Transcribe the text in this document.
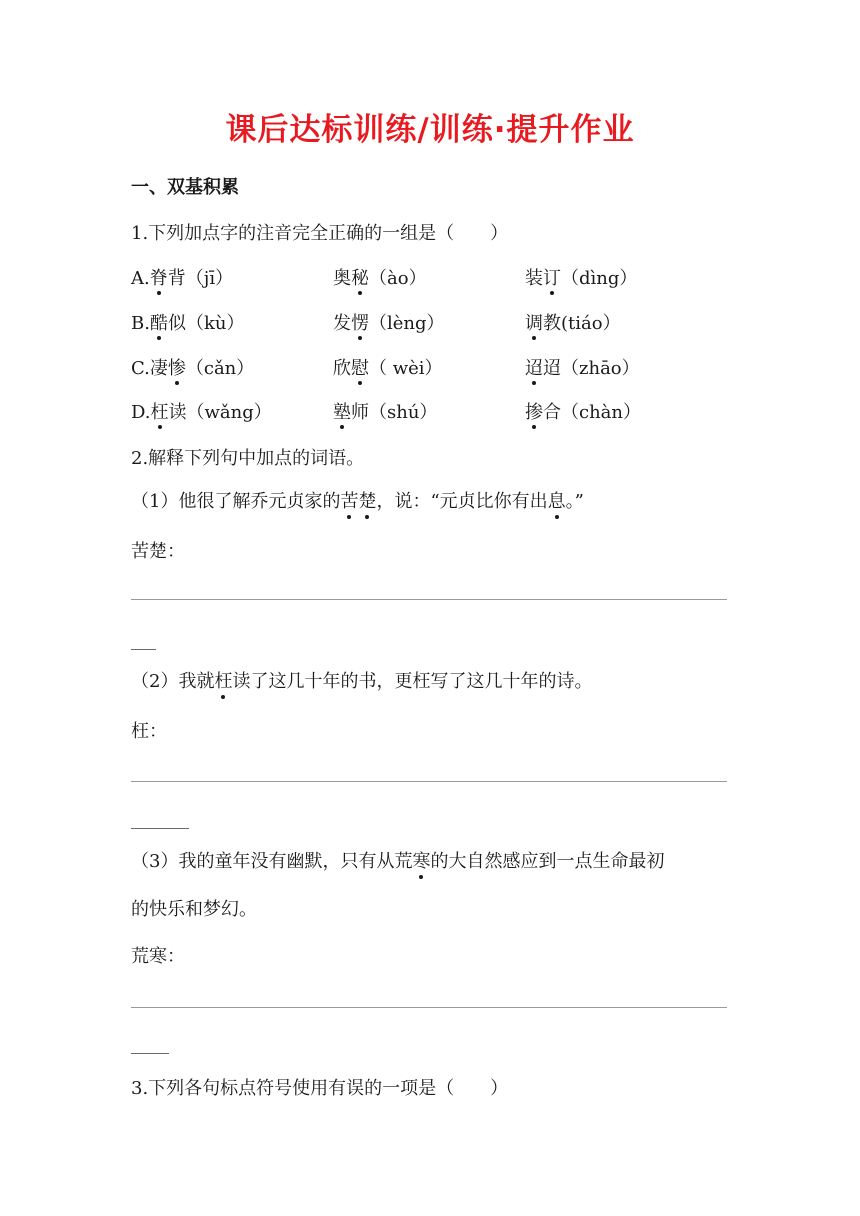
课后达标训练/训练·提升作业
一、双基积累
1.下列加点字的注音完全正确的一组是（　　）
A.脊背（jī）	奥秘（ào）	装订（dìng）
B.酷似（kù）	发愣（lèng）	调教(tiáo）
C.凄惨（cǎn）	欣慰（ wèi）	迢迢（zhāo）
D.枉读（wǎng）	塾师（shú）	掺合（chàn）
2.解释下列句中加点的词语。
（1）他很了解乔元贞家的苦楚，说：“元贞比你有出息。”
苦楚：
（2）我就枉读了这几十年的书，更枉写了这几十年的诗。
枉：
（3）我的童年没有幽默，只有从荒寒的大自然感应到一点生命最初
的快乐和梦幻。
荒寒：
3.下列各句标点符号使用有误的一项是（　　）
